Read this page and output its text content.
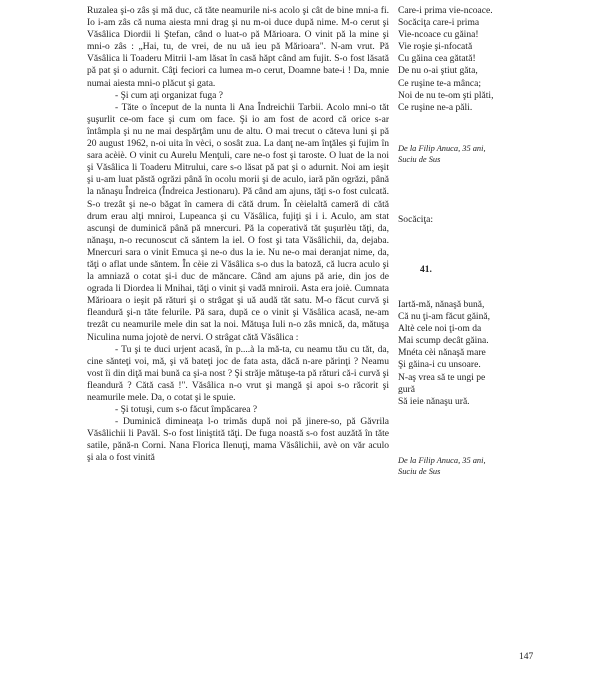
Ruzalea şi-o zâs şi mă duc, că tăte neamurile ni-s acolo şi cât de bine mni-a fi. Io i-am zâs că numa aiesta mni drag şi nu m-oi duce după nime. M-o cerut şi Văsâlica Diordii li Ştefan, când o luat-o pă Mărioara. O vinit pă la mine şi mni-o zâs : „Hai, tu, de vrei, de nu uă ieu pă Mărioara". N-am vrut. Pă Văsâlica li Toaderu Mitrii l-am lăsat în casă hăpt când am fujit. S-o fost lăsată pă pat şi o adurnit. Câţi feciori ca lumea m-o cerut, Doamne bate-i ! Da, mnie numai aiesta mni-o plăcut şi gata.

- Şi cum aţi organizat fuga ?

- Tăte o început de la nunta li Ana Îndreichii Tarbii. Acolo mni-o tăt şuşurlit ce-om face şi cum om face. Şi io am fost de acord că orice s-ar întâmpla şi nu ne mai despărţâm unu de altu. O mai trecut o căteva luni şi pă 20 august 1962, n-oi uita în vèci, o sosât zua. La danţ ne-am înţăles şi fujim în sara acèiè. O vinit cu Aurelu Menţuli, care ne-o fost şi taroste. O luat de la noi şi Văsâlica li Toaderu Mitrului, care s-o lăsat pă pat şi o adurnit. Noi am ieşit şi u-am luat păstă ogrăzi până în ocolu morii şi de aculo, iară păn ogrăzi, până la nănaşu Îndreica (Îndreica Jestionaru). Pă când am ajuns, tăţi s-o fost culcată. S-o trezât şi ne-o băgat în camera di cătă drum. În cèielaltă cameră di cătă drum erau alţi mniroi, Lupeanca şi cu Văsâlica, fujiţi şi i i. Aculo, am stat ascunşi de duminică până pă mnercuri. Pă la coperativă tăt şuşurlèu tăţi, da, nănaşu, n-o recunoscut că săntem la iel. O fost şi tata Văsâlichii, da, dejaba. Mnercuri sara o vinit Emuca şi ne-o dus la ie. Nu ne-o mai deranjat nime, da, tăţi o aflat unde săntem. În cèie zi Văsâlica s-o dus la batoză, că lucra aculo şi la amniază o cotat şi-i duc de măncare. Când am ajuns pă arie, din jos de ograda li Diordea li Mnihai, tăţi o vinit şi vadă mniroii. Asta era joiè. Cumnata Mărioara o ieşit pă rături şi o strâgat şi uă audă tăt satu. M-o făcut curvă şi fleandură şi-n tăte felurile. Pă sara, după ce o vinit şi Văsâlica acasă, ne-am trezât cu neamurile mele din sat la noi. Mătuşa Iuli n-o zâs mnică, da, mătuşa Niculina numa jojotè de nervi. O strâgat cătă Văsâlica :

- Tu şi te duci urjent acasă, în p....à la mă-ta, cu neamu tău cu tăt, da, cine sănteţi voi, mă, şi vă bateţi joc de fata asta, dăcă n-are părinţi ? Neamu vost îi din diţă mai bună ca şi-a nost ? Şi străje mătuşe-ta pă rături că-i curvă şi fleandură ? Cătă casă !". Văsâlica n-o vrut şi mangă şi apoi s-o răcorit şi neamurile mele. Da, o cotat şi le spuie.

- Şi totuşi, cum s-o făcut împăcarea ?

- Duminică dimineaţa l-o trimăs după noi pă jinere-so, pă Găvrila Văsâlichii li Pavăl. S-o fost liniştită tăţi. De fuga noastă s-o fost auzătă în tăte satile, pănă-n Corni. Nana Florica Ilenuţi, mama Văsâlichii, avè on văr aculo şi ala o fost vinită

Care-i prima vie-ncoace.

Socăciţa care-i prima

Vie-ncoace cu găina!

Vie roşie şi-nfocată

Cu găina cea gătată!

De nu o-ai ştiut găta,

Ce ruşine te-a mânca;

Noi de nu te-om şti plăti,

Ce ruşine ne-a păli.

De la Filip Anuca, 35 ani,

Suciu de Sus

Socăciţa:
41.

Iartă-mă, nănaşă bună,

Că nu ţi-am făcut găină,

Altè cele noi ţi-om da

Mai scump decât găina.

Mnéta cèi nănaşă mare

Şi găina-i cu unsoare.

N-aş vrea să te ungi pe

gură

Să ieie nănaşu ură.

De la Filip Anuca, 35 ani,

Suciu de Sus

147
